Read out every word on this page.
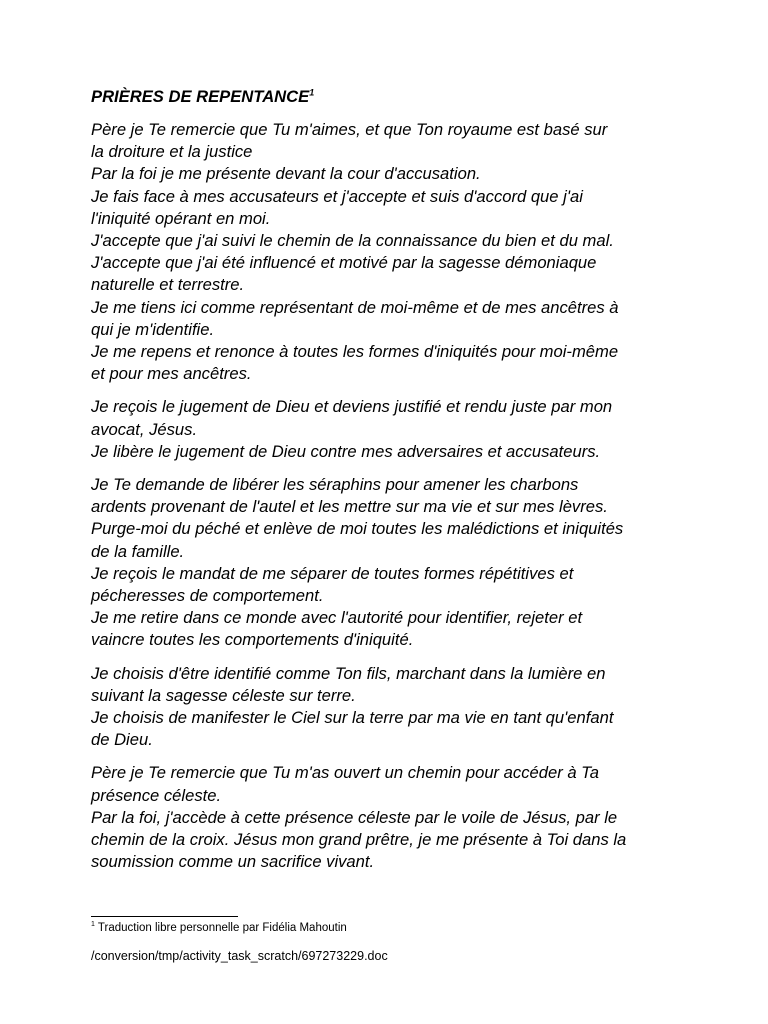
PRIÈRES DE REPENTANCE$^1$
Père je Te remercie que Tu m'aimes, et que Ton royaume est basé sur
la droiture et la justice
Par la foi je me présente devant la cour d'accusation.
Je fais face à mes accusateurs et j'accepte et suis d'accord que j'ai
l'iniquité opérant en moi.
J'accepte que j'ai suivi le chemin de la connaissance du bien et du mal.
J'accepte que j'ai été influencé et motivé par la sagesse démoniaque
naturelle et terrestre.
Je me tiens ici comme représentant de moi-même et de mes ancêtres à
qui je m'identifie.
Je me repens et renonce à toutes les formes d'iniquités pour moi-même
et pour mes ancêtres.
Je reçois le jugement de Dieu et deviens justifié et rendu juste par mon
avocat, Jésus.
Je libère le jugement de Dieu contre mes adversaires et accusateurs.
Je Te demande de libérer les séraphins pour amener les charbons
ardents provenant de l'autel et les mettre sur ma vie et sur mes lèvres.
Purge-moi du péché et enlève de moi toutes les malédictions et iniquités
de la famille.
Je reçois le mandat de me séparer de toutes formes répétitives et
pécheresses de comportement.
Je me retire dans ce monde avec l'autorité pour identifier, rejeter et
vaincre toutes les comportements d'iniquité.
Je choisis d'être identifié comme Ton fils, marchant dans la lumière en
suivant la sagesse céleste sur terre.
Je choisis de manifester le Ciel sur la terre par ma vie en tant qu'enfant
de Dieu.
Père je Te remercie que Tu m'as ouvert un chemin pour accéder à Ta
présence céleste.
Par la foi, j'accède à cette présence céleste par le voile de Jésus, par le
chemin de la croix. Jésus mon grand prêtre, je me présente à Toi dans la
soumission comme un sacrifice vivant.
$^1$ Traduction libre personnelle par Fidélia Mahoutin
/conversion/tmp/activity_task_scratch/697273229.doc
